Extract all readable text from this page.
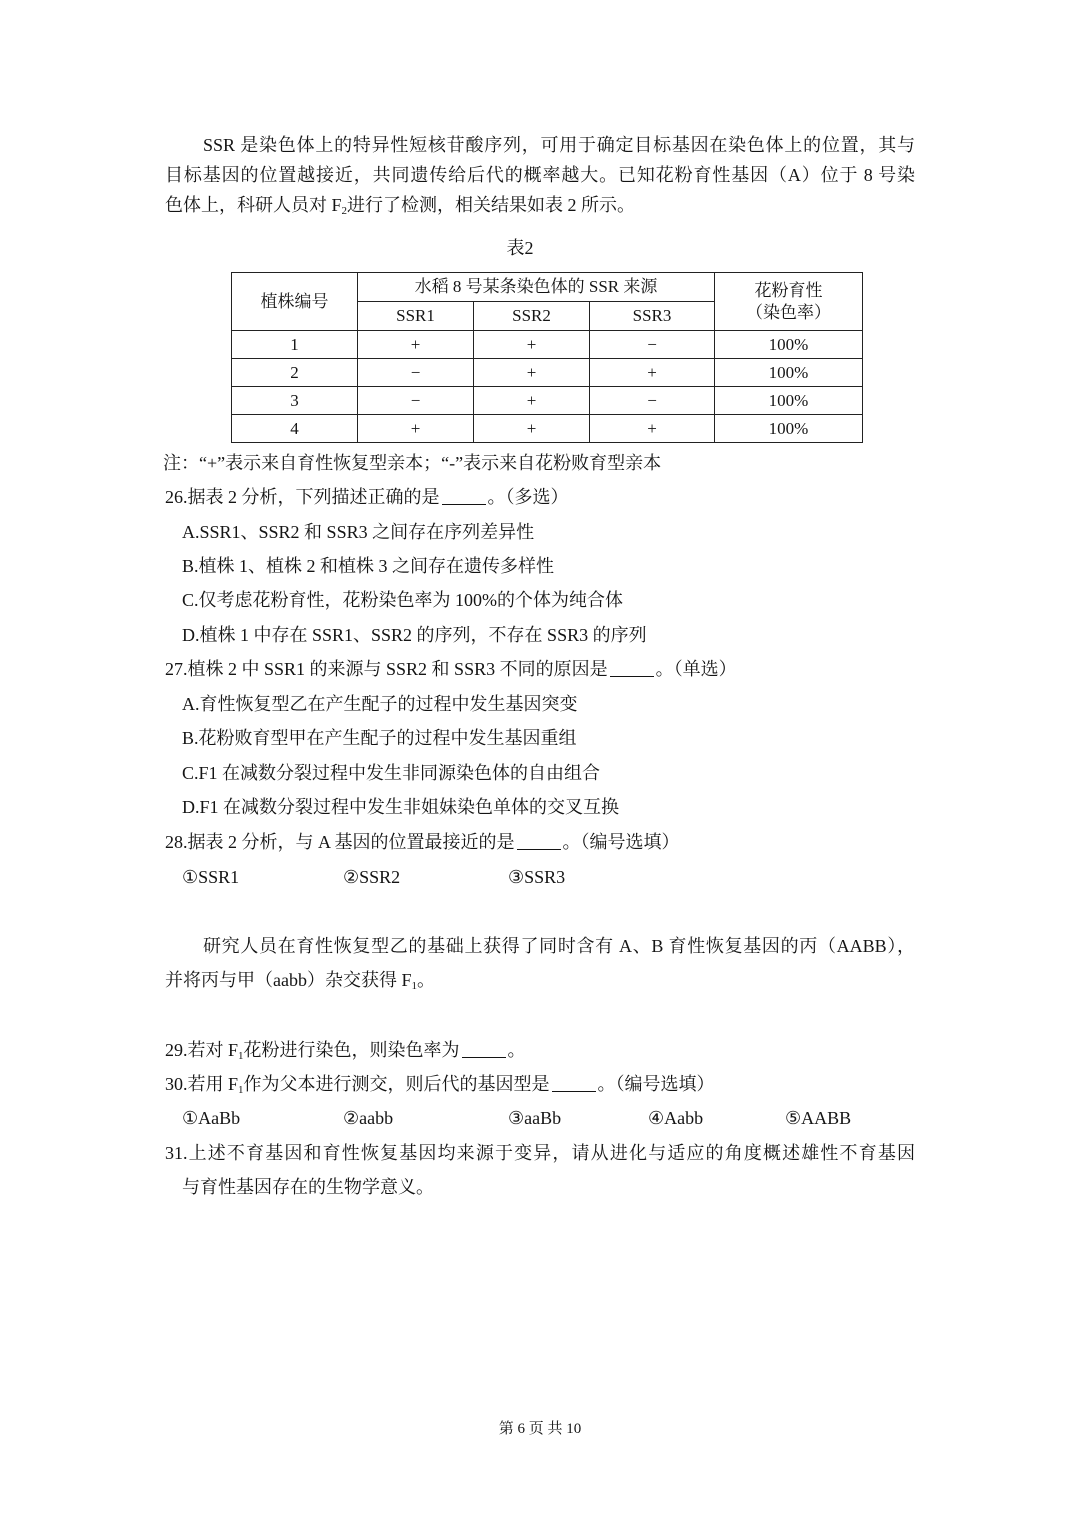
SSR 是染色体上的特异性短核苷酸序列，可用于确定目标基因在染色体上的位置，其与
目标基因的位置越接近，共同遗传给后代的概率越大。已知花粉育性基因（A）位于 8 号染
色体上，科研人员对 $F_2$进行了检测，相关结果如表 2 所示。
表2
植株编号	水稻 8 号某条染色体的 SSR 来源			花粉育性
（染色率）

	SSR1	SSR2	SSR3	
1	+	+	−	100%
2	−	+	+	100%
3	−	+	−	100%
4	+	+	+	100%
注：“+”表示来自育性恢复型亲本；“-”表示来自花粉败育型亲本
26.据表 2 分析，下列描述正确的是	。（多选）
A.SSR1、SSR2 和 SSR3 之间存在序列差异性
B.植株 1、植株 2 和植株 3 之间存在遗传多样性
C.仅考虑花粉育性，花粉染色率为 100%的个体为纯合体
D.植株 1 中存在 SSR1、SSR2 的序列，不存在 SSR3 的序列
27.植株 2 中 SSR1 的来源与 SSR2 和 SSR3 不同的原因是	。（单选）
A.育性恢复型乙在产生配子的过程中发生基因突变
B.花粉败育型甲在产生配子的过程中发生基因重组
C.F1 在减数分裂过程中发生非同源染色体的自由组合
D.F1 在减数分裂过程中发生非姐妹染色单体的交叉互换
28.据表 2 分析，与 A 基因的位置最接近的是	。（编号选填）
①SSR1	②SSR2	③SSR3
研究人员在育性恢复型乙的基础上获得了同时含有 A、B 育性恢复基因的丙（AABB），
并将丙与甲（aabb）杂交获得 $F_1$。
29.若对 $F_1$花粉进行染色，则染色率为	。
30.若用 $F_1$作为父本进行测交，则后代的基因型是	。（编号选填）
①AaBb	②aabb	③aaBb	④Aabb	⑤AABB
31.上述不育基因和育性恢复基因均来源于变异，请从进化与适应的角度概述雄性不育基因
与育性基因存在的生物学意义。
第 6 页 共 10
